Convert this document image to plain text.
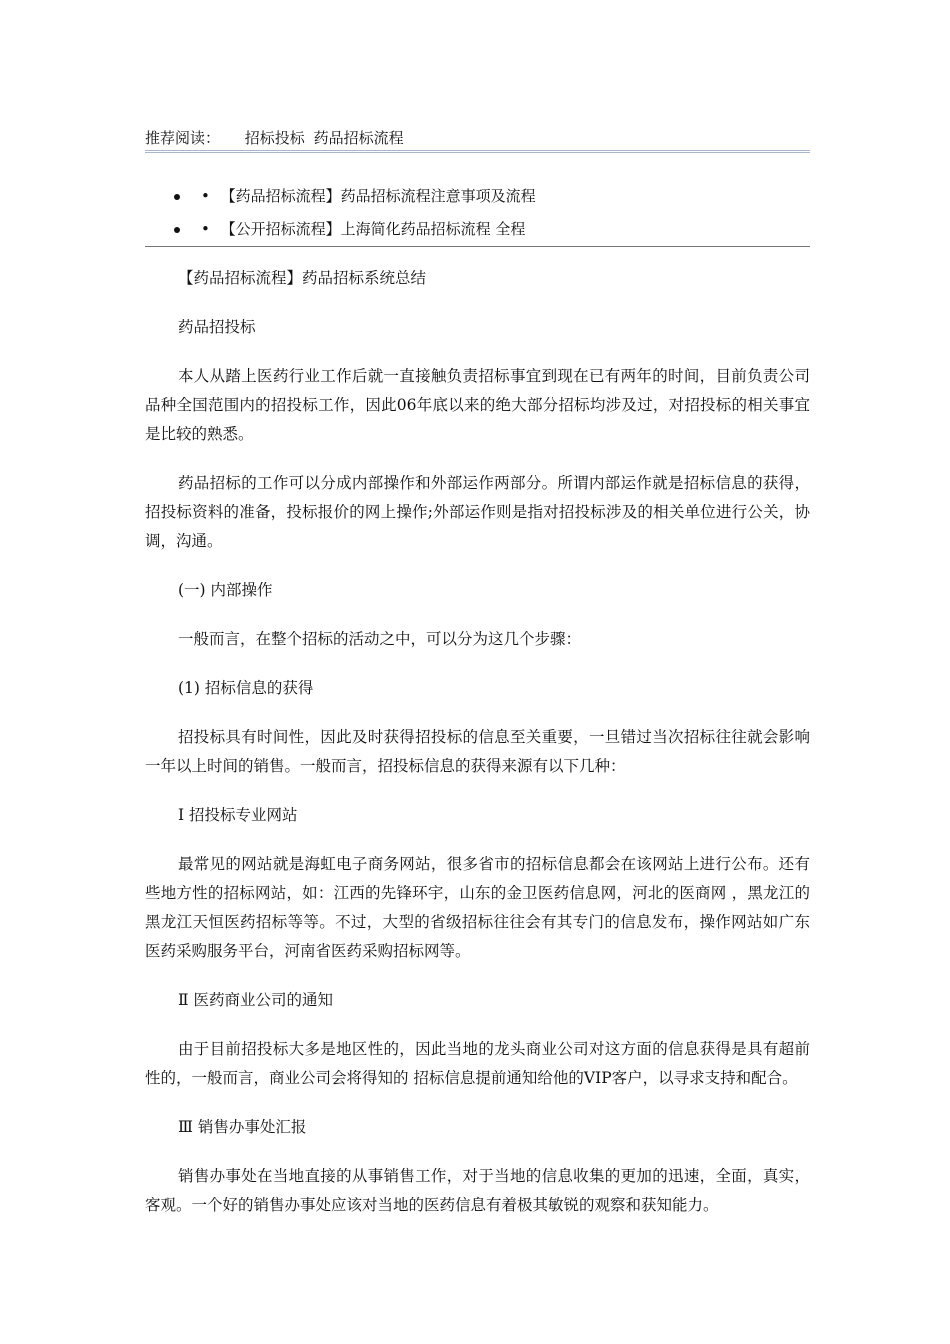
推荐阅读： 招标投标 药品招标流程
• 【药品招标流程】药品招标流程注意事项及流程
• 【公开招标流程】上海简化药品招标流程 全程

【药品招标流程】药品招标系统总结

药品招投标

本人从踏上医药行业工作后就一直接触负责招标事宜到现在已有两年的时间，目前负责公司品种全国范围内的招投标工作，因此06年底以来的绝大部分招标均涉及过，对招投标的相关事宜是比较的熟悉。

药品招标的工作可以分成内部操作和外部运作两部分。所谓内部运作就是招标信息的获得，招投标资料的准备，投标报价的网上操作;外部运作则是指对招投标涉及的相关单位进行公关，协调，沟通。

(一) 内部操作

一般而言，在整个招标的活动之中，可以分为这几个步骤：

(1) 招标信息的获得

招投标具有时间性，因此及时获得招投标的信息至关重要，一旦错过当次招标往往就会影响一年以上时间的销售。一般而言，招投标信息的获得来源有以下几种：

Ⅰ 招投标专业网站

最常见的网站就是海虹电子商务网站，很多省市的招标信息都会在该网站上进行公布。还有些地方性的招标网站，如：江西的先锋环宇，山东的金卫医药信息网，河北的医商网 ，黑龙江的黑龙江天恒医药招标等等。不过，大型的省级招标往往会有其专门的信息发布，操作网站如广东医药采购服务平台，河南省医药采购招标网等。

Ⅱ 医药商业公司的通知

由于目前招投标大多是地区性的，因此当地的龙头商业公司对这方面的信息获得是具有超前性的，一般而言，商业公司会将得知的 招标信息提前通知给他的VIP客户，以寻求支持和配合。

Ⅲ 销售办事处汇报

销售办事处在当地直接的从事销售工作，对于当地的信息收集的更加的迅速，全面，真实，客观。一个好的销售办事处应该对当地的医药信息有着极其敏锐的观察和获知能力。
